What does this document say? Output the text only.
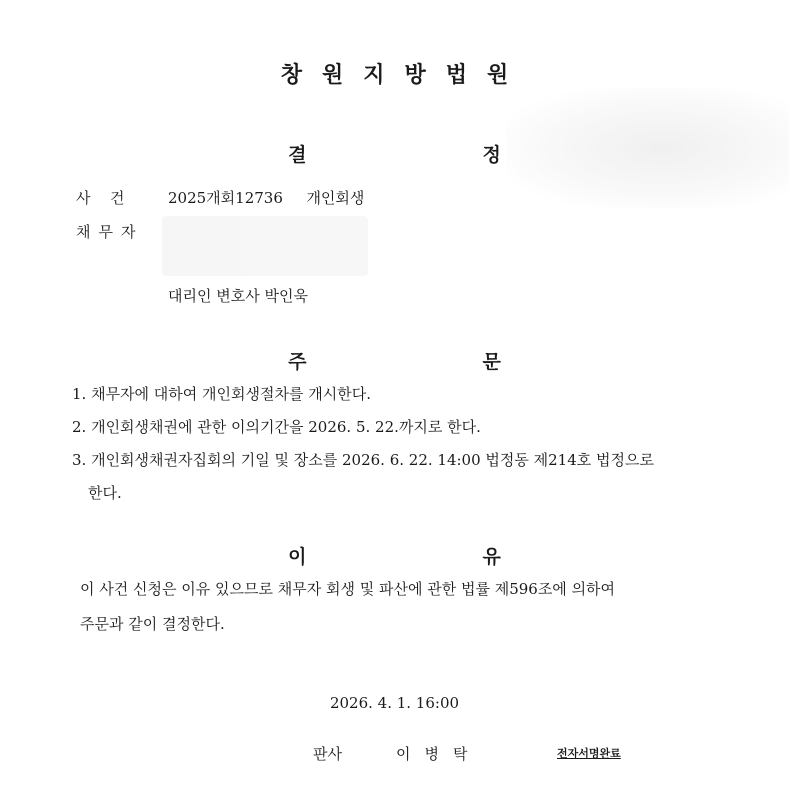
창원지방법원
결	정
사 건	2025개회12736 개인회생
채무자
대리인 변호사 박인욱
주	문
1. 채무자에 대하여 개인회생절차를 개시한다.
2. 개인회생채권에 관한 이의기간을 2026. 5. 22.까지로 한다.
3. 개인회생채권자집회의 기일 및 장소를 2026. 6. 22. 14:00 법정동 제214호 법정으로
한다.
이	유
이 사건 신청은 이유 있으므로 채무자 회생 및 파산에 관한 법률 제596조에 의하여
주문과 같이 결정한다.
2026. 4. 1. 16:00
판사	이병탁	전자서명완료
